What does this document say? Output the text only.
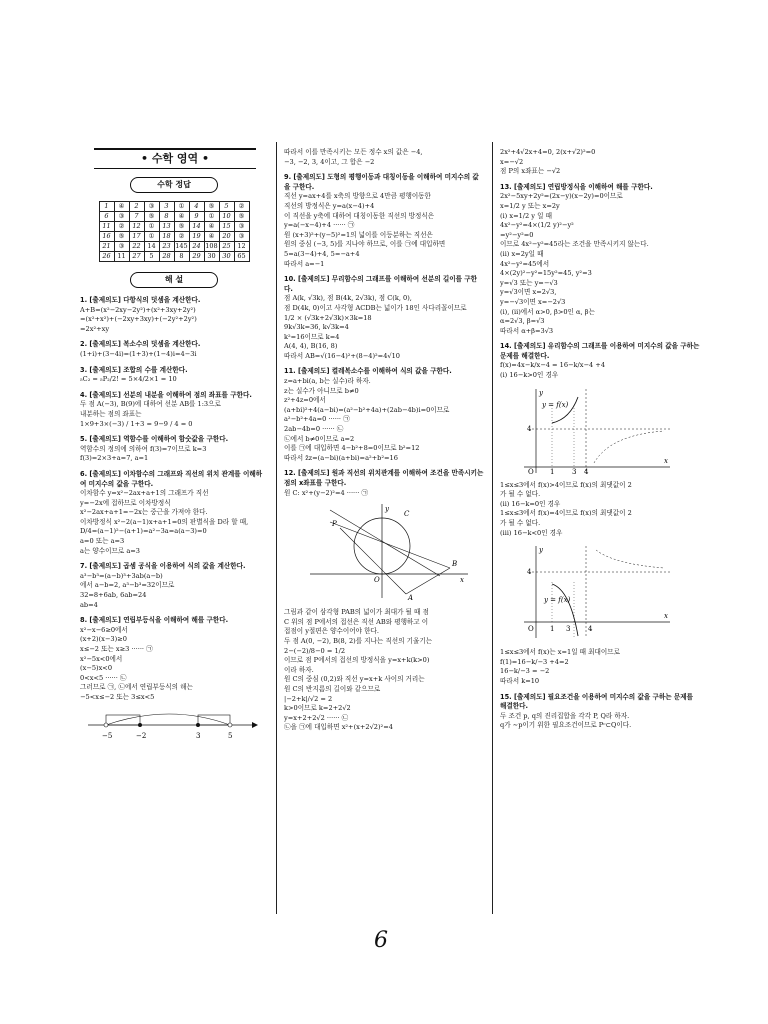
• 수학 영역 •
수학 정답
1	④	2	③	3	①	4	⑤	5	②
6	③	7	⑤	8	④	9	①	10	⑤
11	②	12	①	13	⑤	14	④	15	③
16	⑤	17	①	18	②	19	④	20	③
21	③	22	14	23	145	24	108	25	12
26	11	27	5	28	8	29	30	30	65
해 설
1. [출제의도] 다항식의 덧셈을 계산한다.
A+B=(x²−2xy−2y²)+(x²+3xy+2y²)
=(x²+x²)+(−2xy+3xy)+(−2y²+2y²)
=2x²+xy
2. [출제의도] 복소수의 덧셈을 계산한다.
(1+i)+(3−4i)=(1+3)+(1−4)i=4−3i
3. [출제의도] 조합의 수를 계산한다.
₅C₂ = ₅P₂/2! = 5×4/2×1 = 10
4. [출제의도] 선분의 내분을 이해하여 점의 좌표를 구한다.
두 점 A(−3), B(9)에 대하여 선분 AB를 1:3으로
내분하는 점의 좌표는
1×9+3×(−3) / 1+3 = 9−9 / 4 = 0
5. [출제의도] 역함수를 이해하여 함숫값을 구한다.
역함수의 정의에 의하여 f(3)=7이므로 k=3
f(3)=2×3+a=7, a=1
6. [출제의도] 이차함수의 그래프와 직선의 위치 관계를 이해하여 미지수의 값을 구한다.
이차함수 y=x²−2ax+a+1의 그래프가 직선
y=−2x에 접하므로 이차방정식
x²−2ax+a+1=−2x는 중근을 가져야 한다.
이차방정식 x²−2(a−1)x+a+1=0의 판별식을 D라 할 때,
D/4=(a−1)²−(a+1)=a²−3a=a(a−3)=0
a=0 또는 a=3
a는 양수이므로 a=3
7. [출제의도] 곱셈 공식을 이용하여 식의 값을 계산한다.
a³−b³=(a−b)³+3ab(a−b)
에서 a−b=2, a³−b³=32이므로
32=8+6ab, 6ab=24
ab=4
8. [출제의도] 연립부등식을 이해하여 해를 구한다.
x²−x−6≥0에서
(x+2)(x−3)≥0
x≤−2 또는 x≥3 ······ ㉠
x²−5x<0에서
(x−5)x<0
0<x<5 ······ ㉡
그러므로 ㉠, ㉡에서 연립부등식의 해는
−5<x≤−2 또는 3≤x<5
−5	−2	3	5
따라서 이를 만족시키는 모든 정수 x의 값은 −4,
−3, −2, 3, 4이고, 그 합은 −2
9. [출제의도] 도형의 평행이동과 대칭이동을 이해하여 미지수의 값을 구한다.
직선 y=ax+4를 x축의 방향으로 4만큼 평행이동한
직선의 방정식은 y=a(x−4)+4
이 직선을 y축에 대하여 대칭이동한 직선의 방정식은
y=a(−x−4)+4 ······ ㉠
원 (x+3)²+(y−5)²=1의 넓이를 이등분하는 직선은
원의 중심 (−3, 5)를 지나야 하므로, 이를 ㉠에 대입하면
5=a(3−4)+4, 5=−a+4
따라서 a=−1
10. [출제의도] 무리함수의 그래프를 이해하여 선분의 길이를 구한다.
점 A(k, √3k), 점 B(4k, 2√3k), 점 C(k, 0),
점 D(4k, 0)이고 사각형 ACDB는 넓이가 18인 사다리꼴이므로
1/2 × (√3k+2√3k)×3k=18
9k√3k=36, k√3k=4
k²=16이므로 k=4
A(4, 4), B(16, 8)
따라서 AB=√(16−4)²+(8−4)²=4√10
11. [출제의도] 켤레복소수를 이해하여 식의 값을 구한다.
z=a+bi(a, b는 실수)라 하자.
z는 실수가 아니므로 b≠0
z²+4z=0에서
(a+bi)²+4(a−bi)=(a²−b²+4a)+(2ab−4b)i=0이므로
a²−b²+4a=0 ······ ㉠
2ab−4b=0 ······ ㉡
㉡에서 b≠0이므로 a=2
이를 ㉠에 대입하면 4−b²+8=0이므로 b²=12
따라서 z̄z=(a−bi)(a+bi)=a²+b²=16
12. [출제의도] 원과 직선의 위치관계를 이해하여 조건을 만족시키는 점의 x좌표를 구한다.
원 C: x²+(y−2)²=4 ······ ㉠
y
P
C
B
x
O
A
그림과 같이 삼각형 PAB의 넓이가 최대가 될 때 점
C 위의 점 P에서의 접선은 직선 AB와 평행하고 이
접점이 y절편은 양수이어야 한다.
두 점 A(0, −2), B(8, 2)를 지나는 직선의 기울기는
2−(−2)/8−0 = 1/2
이므로 점 P에서의 접선의 방정식을 y=x+k(k>0)
이라 하자.
원 C의 중심 (0,2)와 직선 y=x+k 사이의 거리는
원 C의 반지름의 길이와 같으므로
|−2+k|/√2 = 2
k>0이므로 k=2+2√2
y=x+2+2√2 ······ ㉡
㉡을 ㉠에 대입하면 x²+(x+2√2)²=4
2x²+4√2x+4=0, 2(x+√2)²=0
x=−√2
점 P의 x좌표는 −√2
13. [출제의도] 연립방정식을 이해하여 해를 구한다.
2x²−5xy+2y²=(2x−y)(x−2y)=0이므로
x=1/2 y 또는 x=2y
(ⅰ) x=1/2 y 일 때
4x²−y²=4×(1/2 y)²−y²
=y²−y²=0
이므로 4x²−y²=45라는 조건을 만족시키지 않는다.
(ⅱ) x=2y일 때
4x²−y²=45에서
4×(2y)²−y²=15y²=45, y²=3
y=√3 또는 y=−√3
y=√3이면 x=2√3,
y=−√3이면 x=−2√3
(ⅰ), (ⅱ)에서 α>0, β>0인 α, β는
α=2√3, β=√3
따라서 α+β=3√3
14. [출제의도] 유리함수의 그래프를 이용하여 미지수의 값을 구하는 문제를 해결한다.
f(x)=4x−k/x−4 = 16−k/x−4 +4
(ⅰ) 16−k>0인 경우
y = f(x)
4
O 1	3 4
x
y
1≤x≤3에서 f(x)>4이므로 f(x)의 최댓값이 2
가 될 수 없다.
(ⅱ) 16−k=0인 경우
1≤x≤3에서 f(x)=4이므로 f(x)의 최댓값이 2
가 될 수 없다.
(ⅲ) 16−k<0인 경우
y = f(x)
4
O 1 3	4
x
y
1≤x≤3에서 f(x)는 x=1일 때 최대이므로
f(1)=16−k/−3 +4=2
16−k/−3 = −2
따라서 k=10
15. [출제의도] 필요조건을 이용하여 미지수의 값을 구하는 문제를 해결한다.
두 조건 p, q의 진리집합을 각각 P, Q라 하자.
q가 ∼p이기 위한 필요조건이므로 Pᶜ⊂Q이다.
6
